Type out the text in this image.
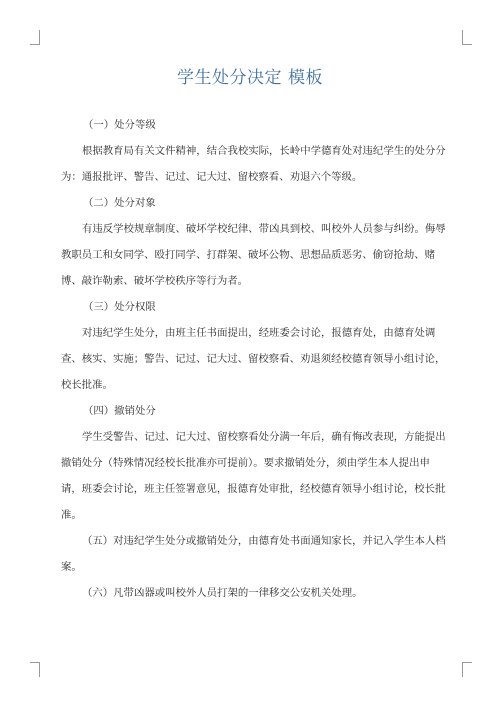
学生处分决定 模板

（一）处分等级

根据教育局有关文件精神，结合我校实际，长岭中学德育处对违纪学生的处分分为：通报批评、警告、记过、记大过、留校察看、劝退六个等级。

（二）处分对象

有违反学校规章制度、破坏学校纪律、带凶具到校、叫校外人员参与纠纷。侮辱教职员工和女同学、殴打同学、打群架、破坏公物、思想品质恶劣、偷窃抢劫、赌博、敲诈勒索、破坏学校秩序等行为者。

（三）处分权限

对违纪学生处分，由班主任书面提出，经班委会讨论，报德育处，由德育处调查、核实、实施；警告、记过、记大过、留校察看、劝退须经校德育领导小组讨论，校长批准。

（四）撤销处分

学生受警告、记过、记大过、留校察看处分满一年后，确有悔改表现，方能提出撤销处分（特殊情况经校长批准亦可提前）。要求撤销处分，须由学生本人提出申请，班委会讨论，班主任签署意见，报德育处审批，经校德育领导小组讨论，校长批准。

（五）对违纪学生处分或撤销处分，由德育处书面通知家长，并记入学生本人档案。

（六）凡带凶器或叫校外人员打架的一律移交公安机关处理。
